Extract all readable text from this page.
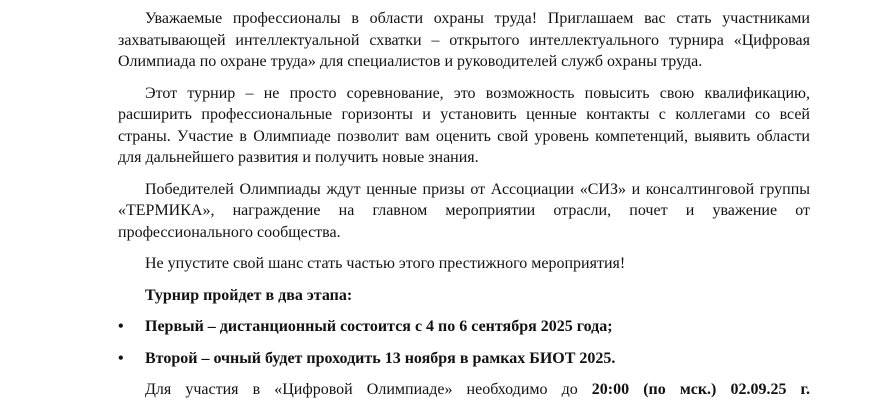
Уважаемые профессионалы в области охраны труда! Приглашаем вас стать участниками захватывающей интеллектуальной схватки – открытого интеллектуального турнира «Цифровая Олимпиада по охране труда» для специалистов и руководителей служб охраны труда.

Этот турнир – не просто соревнование, это возможность повысить свою квалификацию, расширить профессиональные горизонты и установить ценные контакты с коллегами со всей страны. Участие в Олимпиаде позволит вам оценить свой уровень компетенций, выявить области для дальнейшего развития и получить новые знания.

Победителей Олимпиады ждут ценные призы от Ассоциации «СИЗ» и консалтинговой группы «ТЕРМИКА», награждение на главном мероприятии отрасли, почет и уважение от профессионального сообщества.

Не упустите свой шанс стать частью этого престижного мероприятия!

Турнир пройдет в два этапа:

•	Первый – дистанционный состоится с 4 по 6 сентября 2025 года;
•	Второй – очный будет проходить 13 ноября в рамках БИОТ 2025.

Для участия в «Цифровой Олимпиаде» необходимо до 20:00 (по мск.) 02.09.25 г.
